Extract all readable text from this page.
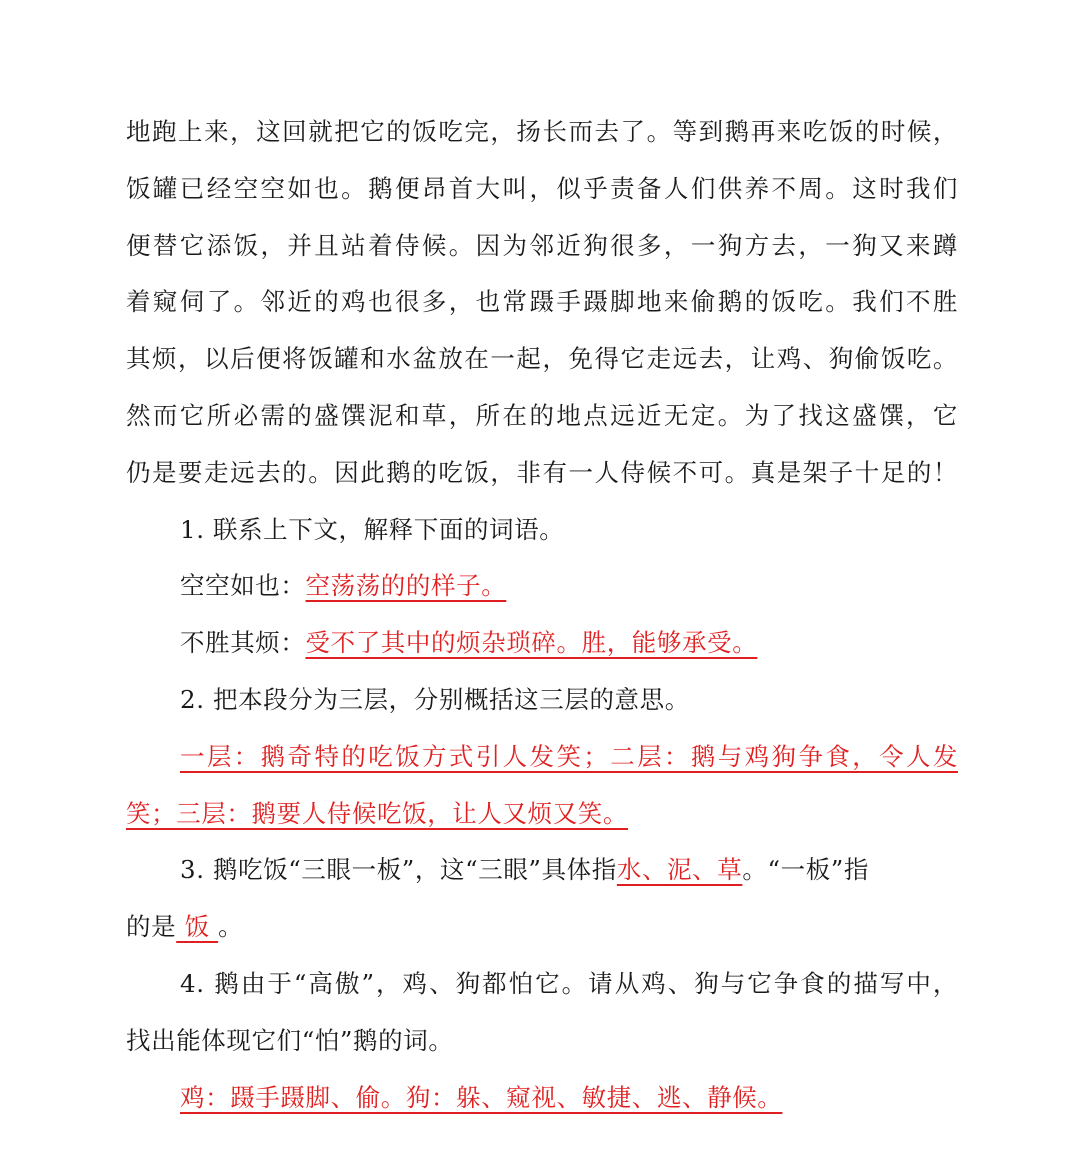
地跑上来，这回就把它的饭吃完，扬长而去了。等到鹅再来吃饭的时候，
饭罐已经空空如也。鹅便昂首大叫，似乎责备人们供养不周。这时我们
便替它添饭，并且站着侍候。因为邻近狗很多，一狗方去，一狗又来蹲
着窥伺了。邻近的鸡也很多，也常蹑手蹑脚地来偷鹅的饭吃。我们不胜
其烦，以后便将饭罐和水盆放在一起，免得它走远去，让鸡、狗偷饭吃。
然而它所必需的盛馔泥和草，所在的地点远近无定。为了找这盛馔，它
仍是要走远去的。因此鹅的吃饭，非有一人侍候不可。真是架子十足的！
1. 联系上下文，解释下面的词语。
空空如也：空荡荡的的样子。
不胜其烦：受不了其中的烦杂琐碎。胜，能够承受。
2. 把本段分为三层，分别概括这三层的意思。
一层：鹅奇特的吃饭方式引人发笑；二层：鹅与鸡狗争食，令人发
笑；三层：鹅要人侍候吃饭，让人又烦又笑。
3. 鹅吃饭“三眼一板”，这“三眼”具体指水、泥、草。“一板”指
的是 饭 。
4. 鹅由于“高傲”，鸡、狗都怕它。请从鸡、狗与它争食的描写中，
找出能体现它们“怕”鹅的词。
鸡：蹑手蹑脚、偷。狗：躲、窥视、敏捷、逃、静候。
